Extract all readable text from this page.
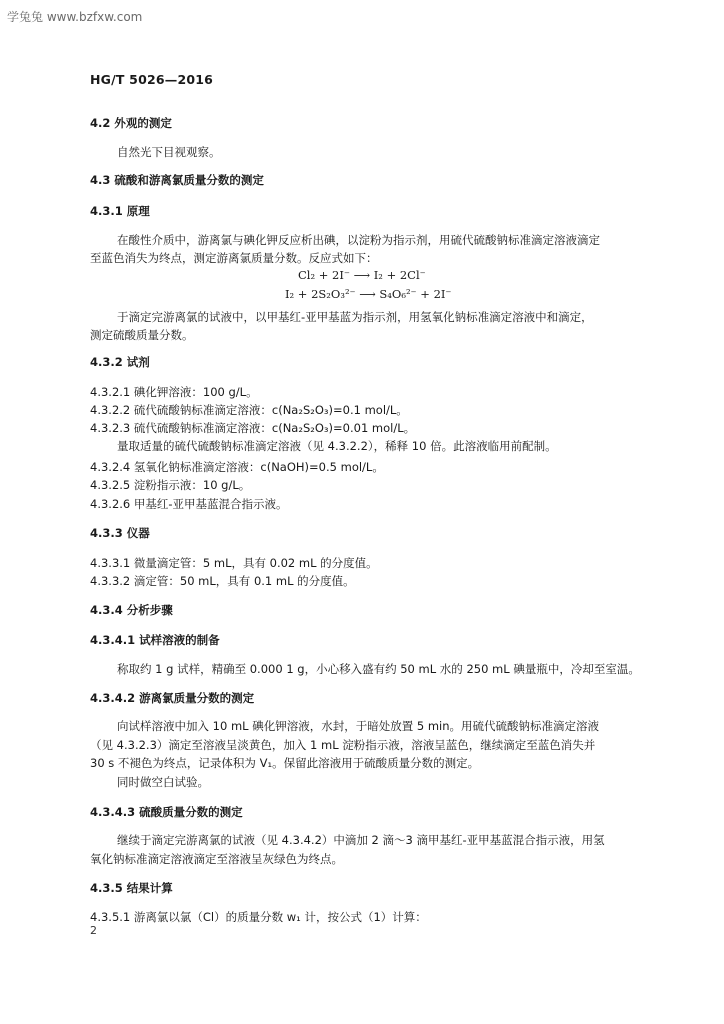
学兔兔 www.bzfxw.com
HG/T 5026—2016
4.2 外观的测定
自然光下目视观察。
4.3 硫酸和游离氯质量分数的测定
4.3.1 原理
在酸性介质中，游离氯与碘化钾反应析出碘，以淀粉为指示剂，用硫代硫酸钠标准滴定溶液滴定
至蓝色消失为终点，测定游离氯质量分数。反应式如下：
Cl₂ + 2I⁻ ⟶ I₂ + 2Cl⁻
I₂ + 2S₂O₃²⁻ ⟶ S₄O₆²⁻ + 2I⁻
于滴定完游离氯的试液中，以甲基红-亚甲基蓝为指示剂，用氢氧化钠标准滴定溶液中和滴定，
测定硫酸质量分数。
4.3.2 试剂
4.3.2.1 碘化钾溶液：100 g/L。
4.3.2.2 硫代硫酸钠标准滴定溶液：c(Na₂S₂O₃)=0.1 mol/L。
4.3.2.3 硫代硫酸钠标准滴定溶液：c(Na₂S₂O₃)=0.01 mol/L。
量取适量的硫代硫酸钠标准滴定溶液（见 4.3.2.2），稀释 10 倍。此溶液临用前配制。
4.3.2.4 氢氧化钠标准滴定溶液：c(NaOH)=0.5 mol/L。
4.3.2.5 淀粉指示液：10 g/L。
4.3.2.6 甲基红-亚甲基蓝混合指示液。
4.3.3 仪器
4.3.3.1 微量滴定管：5 mL，具有 0.02 mL 的分度值。
4.3.3.2 滴定管：50 mL，具有 0.1 mL 的分度值。
4.3.4 分析步骤
4.3.4.1 试样溶液的制备
称取约 1 g 试样，精确至 0.000 1 g，小心移入盛有约 50 mL 水的 250 mL 碘量瓶中，冷却至室温。
4.3.4.2 游离氯质量分数的测定
向试样溶液中加入 10 mL 碘化钾溶液，水封，于暗处放置 5 min。用硫代硫酸钠标准滴定溶液
（见 4.3.2.3）滴定至溶液呈淡黄色，加入 1 mL 淀粉指示液，溶液呈蓝色，继续滴定至蓝色消失并
30 s 不褪色为终点，记录体积为 V₁。保留此溶液用于硫酸质量分数的测定。
同时做空白试验。
4.3.4.3 硫酸质量分数的测定
继续于滴定完游离氯的试液（见 4.3.4.2）中滴加 2 滴～3 滴甲基红-亚甲基蓝混合指示液，用氢
氧化钠标准滴定溶液滴定至溶液呈灰绿色为终点。
4.3.5 结果计算
4.3.5.1 游离氯以氯（Cl）的质量分数 w₁ 计，按公式（1）计算：
2
